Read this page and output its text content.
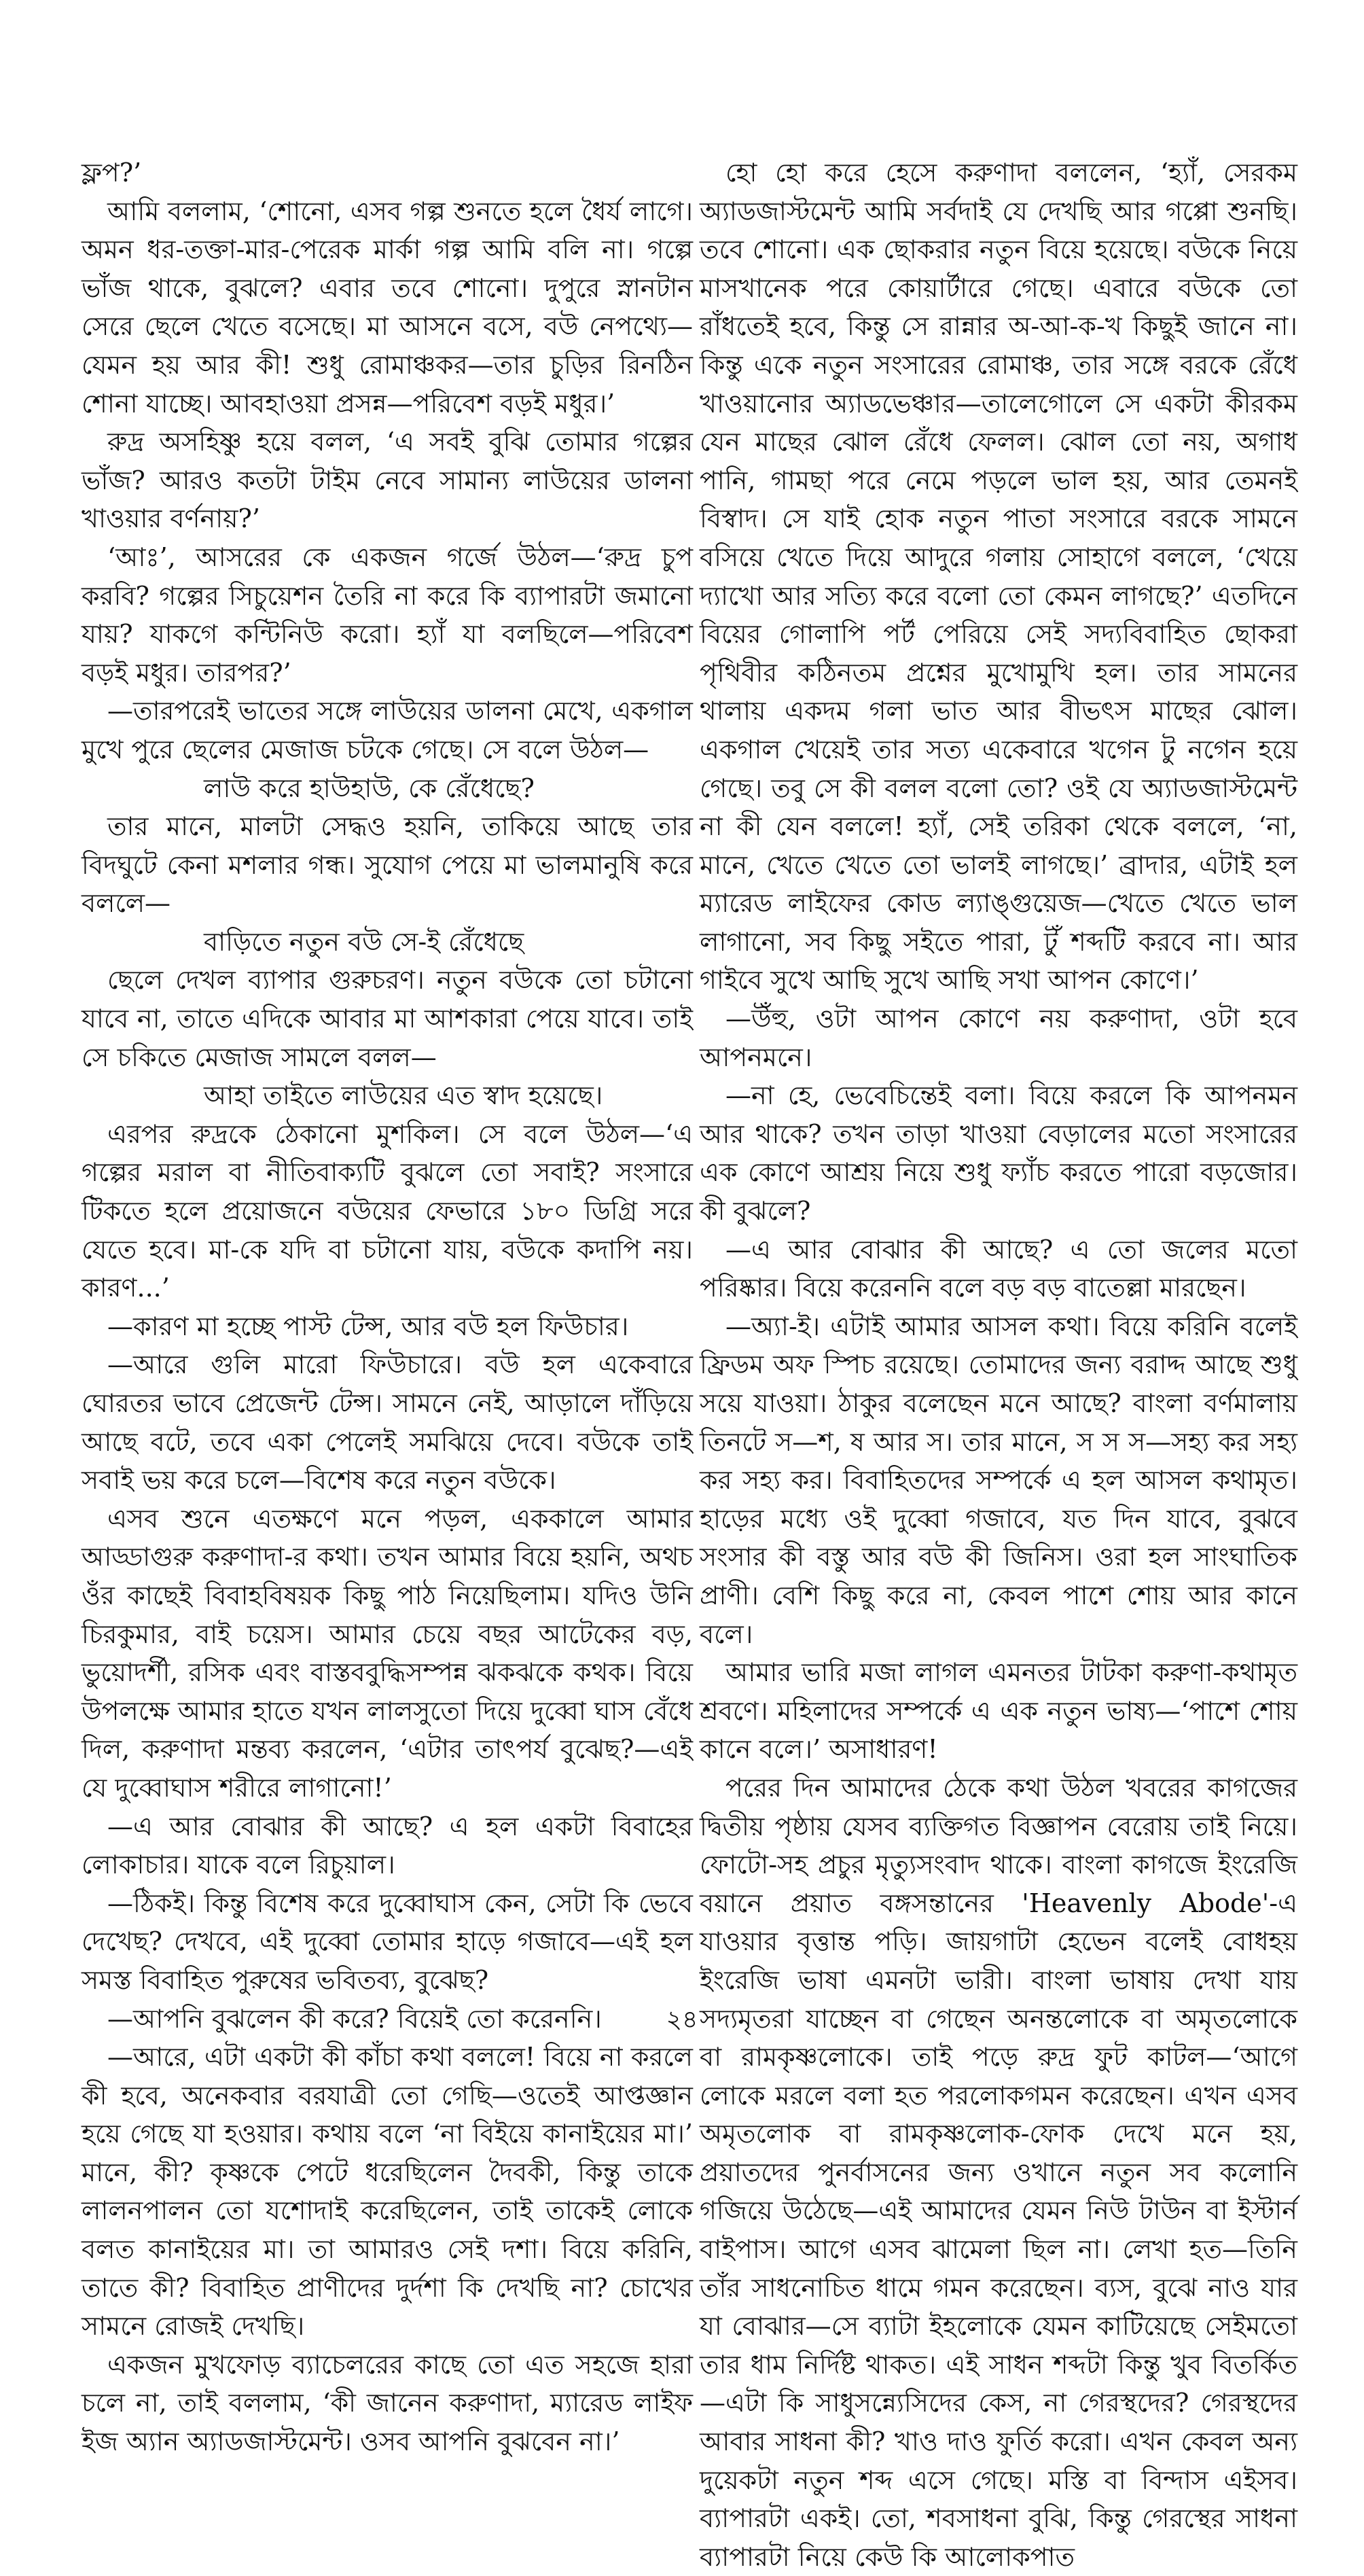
ফ্লপ?’

আমি বললাম, ‘শোনো, এসব গল্প শুনতে হলে ধৈর্য লাগে। অমন ধর-তক্তা-মার-পেরেক মার্কা গল্প আমি বলি না। গল্পে ভাঁজ থাকে, বুঝলে? এবার তবে শোনো। দুপুরে স্নানটান সেরে ছেলে খেতে বসেছে। মা আসনে বসে, বউ নেপথ্যে—যেমন হয় আর কী! শুধু রোমাঞ্চকর—তার চুড়ির রিনঠিন শোনা যাচ্ছে। আবহাওয়া প্রসন্ন—পরিবেশ বড়ই মধুর।’

রুদ্র অসহিষ্ণু হয়ে বলল, ‘এ সবই বুঝি তোমার গল্পের ভাঁজ? আরও কতটা টাইম নেবে সামান্য লাউয়ের ডালনা খাওয়ার বর্ণনায়?’

‘আঃ’, আসরের কে একজন গর্জে উঠল—‘রুদ্র চুপ করবি? গল্পের সিচুয়েশন তৈরি না করে কি ব্যাপারটা জমানো যায়? যাকগে কন্টিনিউ করো। হ্যাঁ যা বলছিলে—পরিবেশ বড়ই মধুর। তারপর?’

—তারপরেই ভাতের সঙ্গে লাউয়ের ডালনা মেখে, একগাল মুখে পুরে ছেলের মেজাজ চটকে গেছে। সে বলে উঠল—

লাউ করে হাউহাউ, কে রেঁধেছে?

তার মানে, মালটা সেদ্ধও হয়নি, তাকিয়ে আছে তার বিদঘুটে কেনা মশলার গন্ধ। সুযোগ পেয়ে মা ভালমানুষি করে বললে—

বাড়িতে নতুন বউ সে-ই রেঁধেছে

ছেলে দেখল ব্যাপার গুরুচরণ। নতুন বউকে তো চটানো যাবে না, তাতে এদিকে আবার মা আশকারা পেয়ে যাবে। তাই সে চকিতে মেজাজ সামলে বলল—

আহা তাইতে লাউয়ের এত স্বাদ হয়েছে।

এরপর রুদ্রকে ঠেকানো মুশকিল। সে বলে উঠল—‘এ গল্পের মরাল বা নীতিবাক্যটি বুঝলে তো সবাই? সংসারে টিকতে হলে প্রয়োজনে বউয়ের ফেভারে ১৮০ ডিগ্রি সরে যেতে হবে। মা-কে যদি বা চটানো যায়, বউকে কদাপি নয়। কারণ...’

—কারণ মা হচ্ছে পাস্ট টেন্স, আর বউ হল ফিউচার।

—আরে গুলি মারো ফিউচারে। বউ হল একেবারে ঘোরতর ভাবে প্রেজেন্ট টেন্স। সামনে নেই, আড়ালে দাঁড়িয়ে আছে বটে, তবে একা পেলেই সমঝিয়ে দেবে। বউকে তাই সবাই ভয় করে চলে—বিশেষ করে নতুন বউকে।

এসব শুনে এতক্ষণে মনে পড়ল, এককালে আমার আড্ডাগুরু করুণাদা-র কথা। তখন আমার বিয়ে হয়নি, অথচ ওঁর কাছেই বিবাহবিষয়ক কিছু পাঠ নিয়েছিলাম। যদিও উনি চিরকুমার, বাই চয়েস। আমার চেয়ে বছর আটেকের বড়, ভুয়োদর্শী, রসিক এবং বাস্তববুদ্ধিসম্পন্ন ঝকঝকে কথক। বিয়ে উপলক্ষে আমার হাতে যখন লালসুতো দিয়ে দুব্বো ঘাস বেঁধে দিল, করুণাদা মন্তব্য করলেন, ‘এটার তাৎপর্য বুঝেছ?—এই যে দুব্বোঘাস শরীরে লাগানো!’

—এ আর বোঝার কী আছে? এ হল একটা বিবাহের লোকাচার। যাকে বলে রিচুয়াল।

—ঠিকই। কিন্তু বিশেষ করে দুব্বোঘাস কেন, সেটা কি ভেবে দেখেছ? দেখবে, এই দুব্বো তোমার হাড়ে গজাবে—এই হল সমস্ত বিবাহিত পুরুষের ভবিতব্য, বুঝেছ?

—আপনি বুঝলেন কী করে? বিয়েই তো করেননি।

—আরে, এটা একটা কী কাঁচা কথা বললে! বিয়ে না করলে কী হবে, অনেকবার বরযাত্রী তো গেছি—ওতেই আপ্তজ্ঞান হয়ে গেছে যা হওয়ার। কথায় বলে ‘না বিইয়ে কানাইয়ের মা।’ মানে, কী? কৃষ্ণকে পেটে ধরেছিলেন দৈবকী, কিন্তু তাকে লালনপালন তো যশোদাই করেছিলেন, তাই তাকেই লোকে বলত কানাইয়ের মা। তা আমারও সেই দশা। বিয়ে করিনি, তাতে কী? বিবাহিত প্রাণীদের দুর্দশা কি দেখছি না? চোখের সামনে রোজই দেখছি।

একজন মুখফোড় ব্যাচেলরের কাছে তো এত সহজে হারা চলে না, তাই বললাম, ‘কী জানেন করুণাদা, ম্যারেড লাইফ ইজ অ্যান অ্যাডজাস্টমেন্ট। ওসব আপনি বুঝবেন না।’

হো হো করে হেসে করুণাদা বললেন, ‘হ্যাঁ, সেরকম অ্যাডজাস্টমেন্ট আমি সর্বদাই যে দেখছি আর গপ্পো শুনছি। তবে শোনো। এক ছোকরার নতুন বিয়ে হয়েছে। বউকে নিয়ে মাসখানেক পরে কোয়ার্টারে গেছে। এবারে বউকে তো রাঁধতেই হবে, কিন্তু সে রান্নার অ-আ-ক-খ কিছুই জানে না। কিন্তু একে নতুন সংসারের রোমাঞ্চ, তার সঙ্গে বরকে রেঁধে খাওয়ানোর অ্যাডভেঞ্চার—তালেগোলে সে একটা কীরকম যেন মাছের ঝোল রেঁধে ফেলল। ঝোল তো নয়, অগাধ পানি, গামছা পরে নেমে পড়লে ভাল হয়, আর তেমনই বিস্বাদ। সে যাই হোক নতুন পাতা সংসারে বরকে সামনে বসিয়ে খেতে দিয়ে আদুরে গলায় সোহাগে বললে, ‘খেয়ে দ্যাখো আর সত্যি করে বলো তো কেমন লাগছে?’ এতদিনে বিয়ের গোলাপি পর্ট পেরিয়ে সেই সদ্যবিবাহিত ছোকরা পৃথিবীর কঠিনতম প্রশ্নের মুখোমুখি হল। তার সামনের থালায় একদম গলা ভাত আর বীভৎস মাছের ঝোল। একগাল খেয়েই তার সত্য একেবারে খগেন টু নগেন হয়ে গেছে। তবু সে কী বলল বলো তো? ওই যে অ্যাডজাস্টমেন্ট না কী যেন বললে! হ্যাঁ, সেই তরিকা থেকে বললে, ‘না, মানে, খেতে খেতে তো ভালই লাগছে।’ ব্রাদার, এটাই হল ম্যারেড লাইফের কোড ল্যাঙ্গুয়েজ—খেতে খেতে ভাল লাগানো, সব কিছু সইতে পারা, টুঁ শব্দটি করবে না। আর গাইবে সুখে আছি সুখে আছি সখা আপন কোণে।’

—উঁহু, ওটা আপন কোণে নয় করুণাদা, ওটা হবে আপনমনে।

—না হে, ভেবেচিন্তেই বলা। বিয়ে করলে কি আপনমন আর থাকে? তখন তাড়া খাওয়া বেড়ালের মতো সংসারের এক কোণে আশ্রয় নিয়ে শুধু ফ্যাঁচ করতে পারো বড়জোর। কী বুঝলে?

—এ আর বোঝার কী আছে? এ তো জলের মতো পরিষ্কার। বিয়ে করেননি বলে বড় বড় বাতেল্লা মারছেন।

—অ্যা-ই। এটাই আমার আসল কথা। বিয়ে করিনি বলেই ফ্রিডম অফ স্পিচ রয়েছে। তোমাদের জন্য বরাদ্দ আছে শুধু সয়ে যাওয়া। ঠাকুর বলেছেন মনে আছে? বাংলা বর্ণমালায় তিনটে স—শ, ষ আর স। তার মানে, স স স—সহ্য কর সহ্য কর সহ্য কর। বিবাহিতদের সম্পর্কে এ হল আসল কথামৃত। হাড়ের মধ্যে ওই দুব্বো গজাবে, যত দিন যাবে, বুঝবে সংসার কী বস্তু আর বউ কী জিনিস। ওরা হল সাংঘাতিক প্রাণী। বেশি কিছু করে না, কেবল পাশে শোয় আর কানে বলে।

আমার ভারি মজা লাগল এমনতর টাটকা করুণা-কথামৃত শ্রবণে। মহিলাদের সম্পর্কে এ এক নতুন ভাষ্য—‘পাশে শোয় কানে বলে।’ অসাধারণ!

পরের দিন আমাদের ঠেকে কথা উঠল খবরের কাগজের দ্বিতীয় পৃষ্ঠায় যেসব ব্যক্তিগত বিজ্ঞাপন বেরোয় তাই নিয়ে। ফোটো-সহ প্রচুর মৃত্যুসংবাদ থাকে। বাংলা কাগজে ইংরেজি বয়ানে প্রয়াত বঙ্গসন্তানের 'Heavenly Abode'-এ যাওয়ার বৃত্তান্ত পড়ি। জায়গাটা হেভেন বলেই বোধহয় ইংরেজি ভাষা এমনটা ভারী। বাংলা ভাষায় দেখা যায় সদ্যমৃতরা যাচ্ছেন বা গেছেন অনন্তলোকে বা অমৃতলোকে বা রামকৃষ্ণলোকে। তাই পড়ে রুদ্র ফুট কাটল—‘আগে লোকে মরলে বলা হত পরলোকগমন করেছেন। এখন এসব অমৃতলোক বা রামকৃষ্ণলোক-ফোক দেখে মনে হয়, প্রয়াতদের পুনর্বাসনের জন্য ওখানে নতুন সব কলোনি গজিয়ে উঠেছে—এই আমাদের যেমন নিউ টাউন বা ইস্টার্ন বাইপাস। আগে এসব ঝামেলা ছিল না। লেখা হত—তিনি তাঁর সাধনোচিত ধামে গমন করেছেন। ব্যস, বুঝে নাও যার যা বোঝার—সে ব্যাটা ইহলোকে যেমন কাটিয়েছে সেইমতো তার ধাম নির্দিষ্ট থাকত। এই সাধন শব্দটা কিন্তু খুব বিতর্কিত—এটা কি সাধুসন্ন্যেসিদের কেস, না গেরস্থদের? গেরস্থদের আবার সাধনা কী? খাও দাও ফুর্তি করো। এখন কেবল অন্য দুয়েকটা নতুন শব্দ এসে গেছে। মস্তি বা বিন্দাস এইসব। ব্যাপারটা একই। তো, শবসাধনা বুঝি, কিন্তু গেরস্থের সাধনা ব্যাপারটা নিয়ে কেউ কি আলোকপাত

২৪
